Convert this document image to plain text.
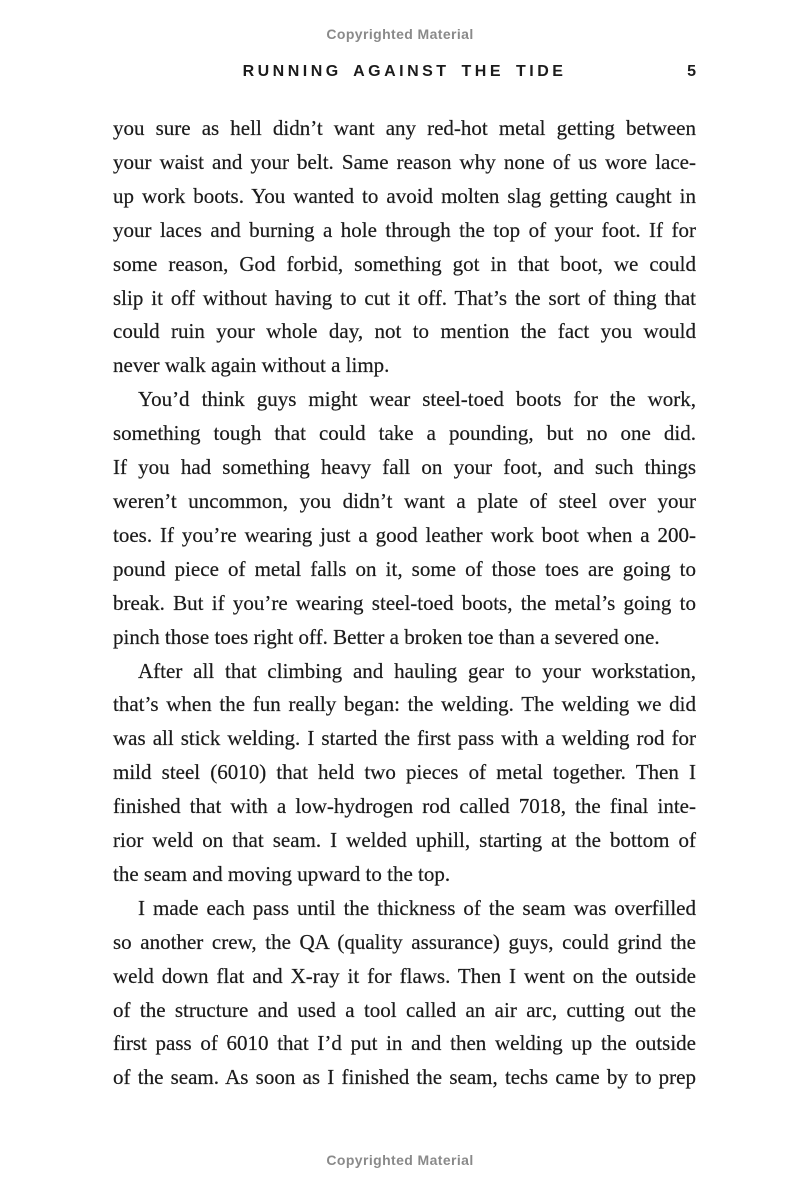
Copyrighted Material
RUNNING AGAINST THE TIDE	5
you sure as hell didn’t want any red-hot metal getting between
your waist and your belt. Same reason why none of us wore lace-
up work boots. You wanted to avoid molten slag getting caught in
your laces and burning a hole through the top of your foot. If for
some reason, God forbid, something got in that boot, we could
slip it off without having to cut it off. That’s the sort of thing that
could ruin your whole day, not to mention the fact you would
never walk again without a limp.
You’d think guys might wear steel-toed boots for the work,
something tough that could take a pounding, but no one did.
If you had something heavy fall on your foot, and such things
weren’t uncommon, you didn’t want a plate of steel over your
toes. If you’re wearing just a good leather work boot when a 200-
pound piece of metal falls on it, some of those toes are going to
break. But if you’re wearing steel-toed boots, the metal’s going to
pinch those toes right off. Better a broken toe than a severed one.
After all that climbing and hauling gear to your workstation,
that’s when the fun really began: the welding. The welding we did
was all stick welding. I started the first pass with a welding rod for
mild steel (6010) that held two pieces of metal together. Then I
finished that with a low-hydrogen rod called 7018, the final inte-
rior weld on that seam. I welded uphill, starting at the bottom of
the seam and moving upward to the top.
I made each pass until the thickness of the seam was overfilled
so another crew, the QA (quality assurance) guys, could grind the
weld down flat and X-ray it for flaws. Then I went on the outside
of the structure and used a tool called an air arc, cutting out the
first pass of 6010 that I’d put in and then welding up the outside
of the seam. As soon as I finished the seam, techs came by to prep
Copyrighted Material
